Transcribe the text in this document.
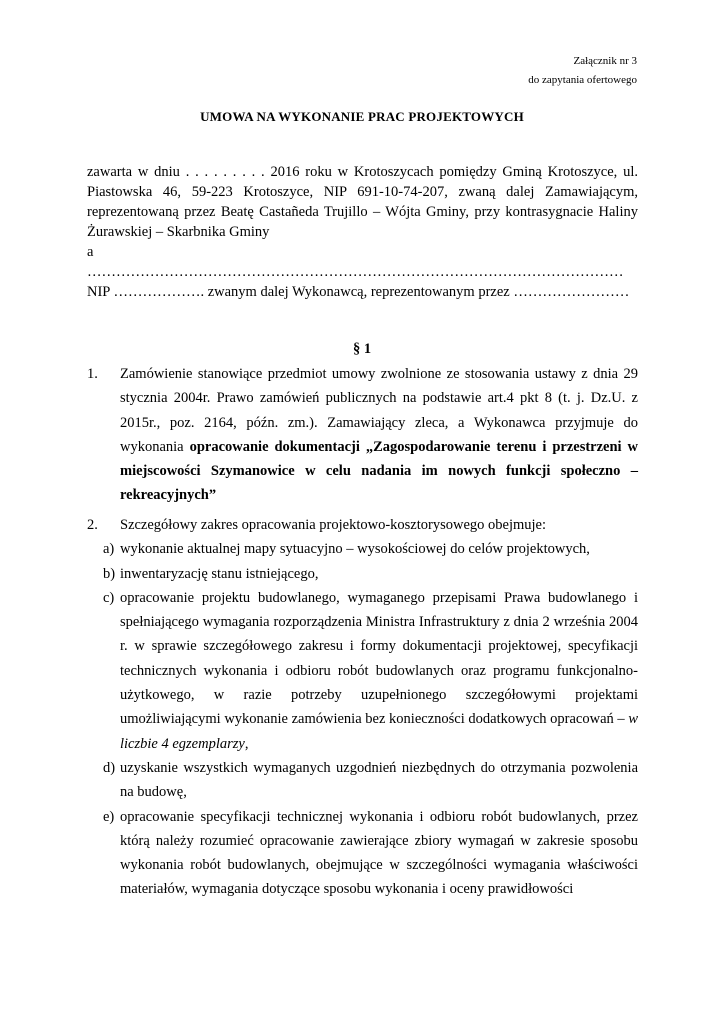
Załącznik nr 3
do zapytania ofertowego
UMOWA NA WYKONANIE PRAC PROJEKTOWYCH

zawarta w dniu . . . . . . . . . 2016 roku w Krotoszycach pomiędzy Gminą Krotoszyce, ul. Piastowska 46, 59-223 Krotoszyce, NIP 691-10-74-207, zwaną dalej Zamawiającym, reprezentowaną przez Beatę Castañeda Trujillo – Wójta Gminy, przy kontrasygnacie Haliny Żurawskiej – Skarbnika Gminy

a
…………………………………………………………………………………………………
NIP ………………. zwanym dalej Wykonawcą, reprezentowanym przez ……………………
§ 1
1. Zamówienie stanowiące przedmiot umowy zwolnione ze stosowania ustawy z dnia 29 stycznia 2004r. Prawo zamówień publicznych na podstawie art.4 pkt 8 (t. j. Dz.U. z 2015r., poz. 2164, późn. zm.). Zamawiający zleca, a Wykonawca przyjmuje do wykonania opracowanie dokumentacji „Zagospodarowanie terenu i przestrzeni w miejscowości Szymanowice w celu nadania im nowych funkcji społeczno – rekreacyjnych”
2. Szczegółowy zakres opracowania projektowo-kosztorysowego obejmuje:
a) wykonanie aktualnej mapy sytuacyjno – wysokościowej do celów projektowych,
b) inwentaryzację stanu istniejącego,
c) opracowanie projektu budowlanego, wymaganego przepisami Prawa budowlanego i spełniającego wymagania rozporządzenia Ministra Infrastruktury z dnia 2 września 2004 r. w sprawie szczegółowego zakresu i formy dokumentacji projektowej, specyfikacji technicznych wykonania i odbioru robót budowlanych oraz programu funkcjonalno-użytkowego, w razie potrzeby uzupełnionego szczegółowymi projektami umożliwiającymi wykonanie zamówienia bez konieczności dodatkowych opracowań – w liczbie 4 egzemplarzy,
d) uzyskanie wszystkich wymaganych uzgodnień niezbędnych do otrzymania pozwolenia na budowę,
e) opracowanie specyfikacji technicznej wykonania i odbioru robót budowlanych, przez którą należy rozumieć opracowanie zawierające zbiory wymagań w zakresie sposobu wykonania robót budowlanych, obejmujące w szczególności wymagania właściwości materiałów, wymagania dotyczące sposobu wykonania i oceny prawidłowości
